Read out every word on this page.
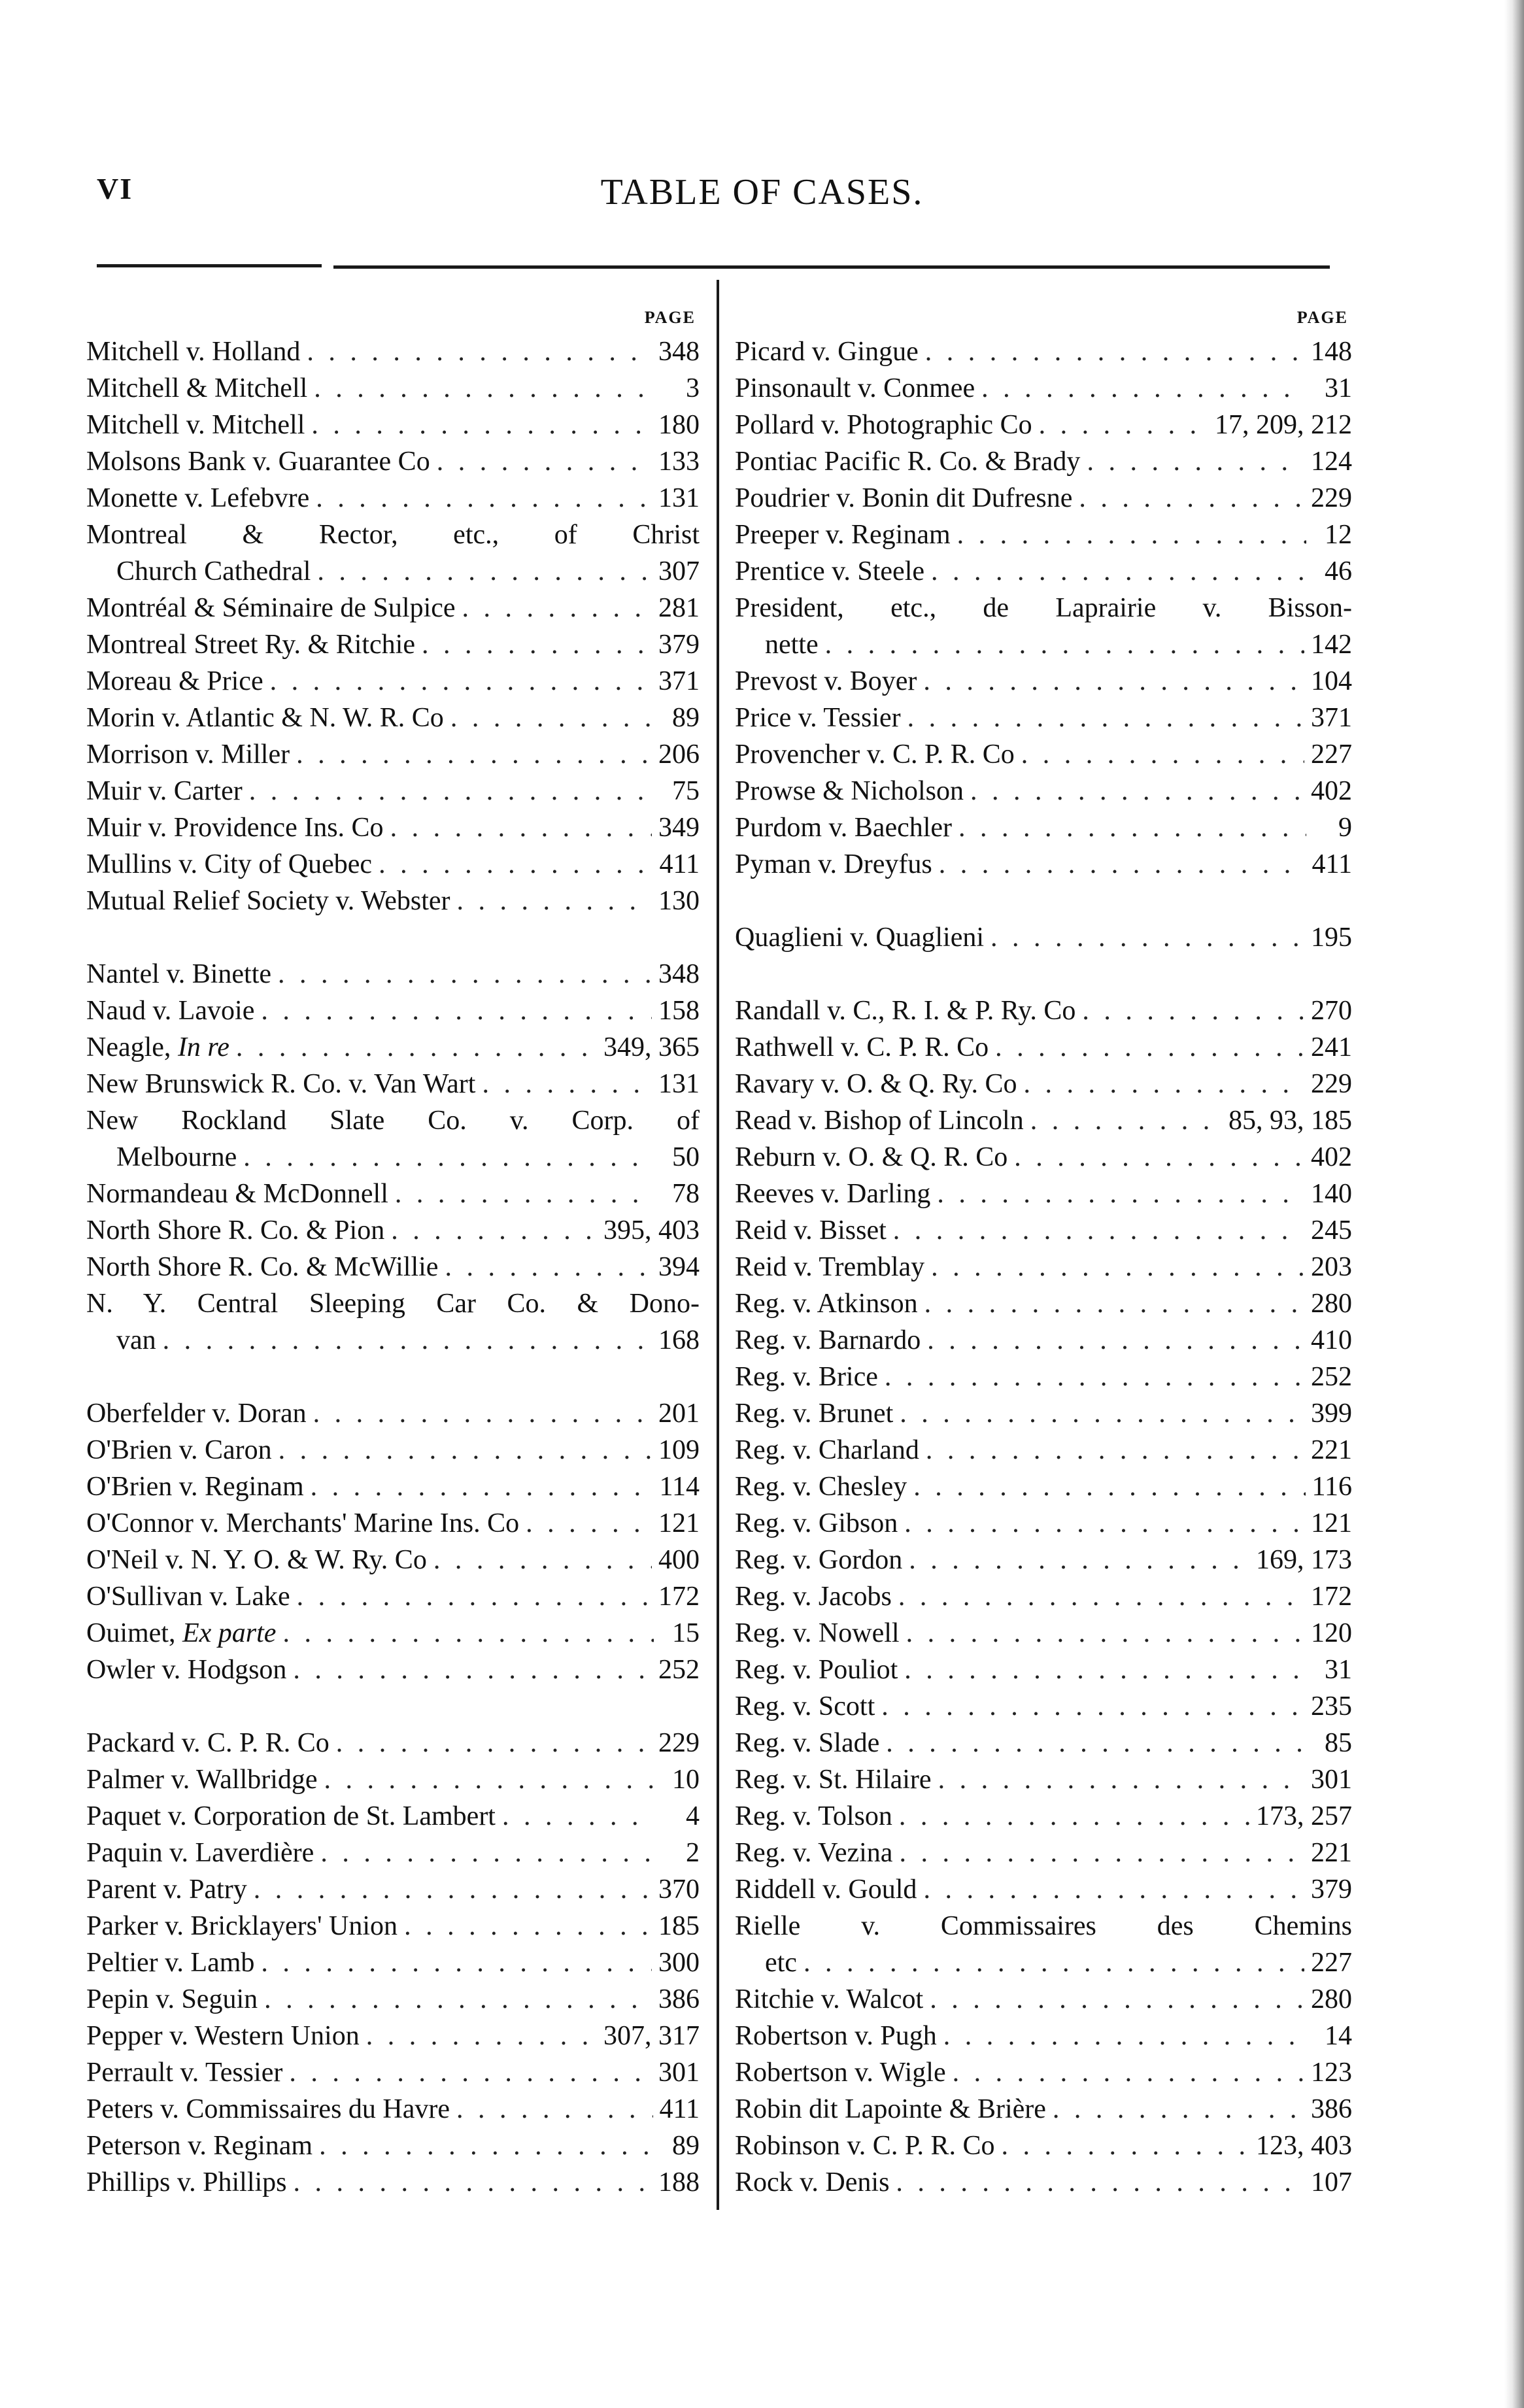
VI	TABLE OF CASES.
PAGE
Mitchell v. Holland . . .	348
Mitchell & Mitchell . . .	3
Mitchell v. Mitchell . . .	180
Molsons Bank v. Guarantee Co . . .	133
Monette v. Lefebvre . . .	131
Montreal & Rector, etc., of Christ
Church Cathedral . . .	307
Montréal & Séminaire de Sulpice . . .	281
Montreal Street Ry. & Ritchie . . .	379
Moreau & Price . . .	371
Morin v. Atlantic & N. W. R. Co . . .	89
Morrison v. Miller . . .	206
Muir v. Carter . . .	75
Muir v. Providence Ins. Co . . .	349
Mullins v. City of Quebec . . .	411
Mutual Relief Society v. Webster . . .	130
Nantel v. Binette . . .	348
Naud v. Lavoie . . .	158
Neagle, In re . . .	349, 365
New Brunswick R. Co. v. Van Wart . . .	131
New Rockland Slate Co. v. Corp. of
Melbourne . . .	50
Normandeau & McDonnell . . .	78
North Shore R. Co. & Pion . . .	395, 403
North Shore R. Co. & McWillie . . .	394
N. Y. Central Sleeping Car Co. & Dono-
van . . .	168
Oberfelder v. Doran . . .	201
O'Brien v. Caron . . .	109
O'Brien v. Reginam . . .	114
O'Connor v. Merchants' Marine Ins. Co . . .	121
O'Neil v. N. Y. O. & W. Ry. Co . . .	400
O'Sullivan v. Lake . . .	172
Ouimet, Ex parte . . .	15
Owler v. Hodgson . . .	252
Packard v. C. P. R. Co . . .	229
Palmer v. Wallbridge . . .	10
Paquet v. Corporation de St. Lambert . . .	4
Paquin v. Laverdière . . .	2
Parent v. Patry . . .	370
Parker v. Bricklayers' Union . . .	185
Peltier v. Lamb . . .	300
Pepin v. Seguin . . .	386
Pepper v. Western Union . . .	307, 317
Perrault v. Tessier . . .	301
Peters v. Commissaires du Havre . . .	411
Peterson v. Reginam . . .	89
Phillips v. Phillips . . .	188
PAGE
Picard v. Gingue . . .	148
Pinsonault v. Conmee . . .	31
Pollard v. Photographic Co . . .	17, 209, 212
Pontiac Pacific R. Co. & Brady . . .	124
Poudrier v. Bonin dit Dufresne . . .	229
Preeper v. Reginam . . .	12
Prentice v. Steele . . .	46
President, etc., de Laprairie v. Bisson-
nette . . .	142
Prevost v. Boyer . . .	104
Price v. Tessier . . .	371
Provencher v. C. P. R. Co . . .	227
Prowse & Nicholson . . .	402
Purdom v. Baechler . . .	9
Pyman v. Dreyfus . . .	411
Quaglieni v. Quaglieni . . .	195
Randall v. C., R. I. & P. Ry. Co . . .	270
Rathwell v. C. P. R. Co . . .	241
Ravary v. O. & Q. Ry. Co . . .	229
Read v. Bishop of Lincoln . . .	85, 93, 185
Reburn v. O. & Q. R. Co . . .	402
Reeves v. Darling . . .	140
Reid v. Bisset . . .	245
Reid v. Tremblay . . .	203
Reg. v. Atkinson . . .	280
Reg. v. Barnardo . . .	410
Reg. v. Brice . . .	252
Reg. v. Brunet . . .	399
Reg. v. Charland . . .	221
Reg. v. Chesley . . .	116
Reg. v. Gibson . . .	121
Reg. v. Gordon . . .	169, 173
Reg. v. Jacobs . . .	172
Reg. v. Nowell . . .	120
Reg. v. Pouliot . . .	31
Reg. v. Scott . . .	235
Reg. v. Slade . . .	85
Reg. v. St. Hilaire . . .	301
Reg. v. Tolson . . .	173, 257
Reg. v. Vezina . . .	221
Riddell v. Gould . . .	379
Rielle v. Commissaires des Chemins
etc . . .	227
Ritchie v. Walcot . . .	280
Robertson v. Pugh . . .	14
Robertson v. Wigle . . .	123
Robin dit Lapointe & Brière . . .	386
Robinson v. C. P. R. Co . . .	123, 403
Rock v. Denis . . .	107
